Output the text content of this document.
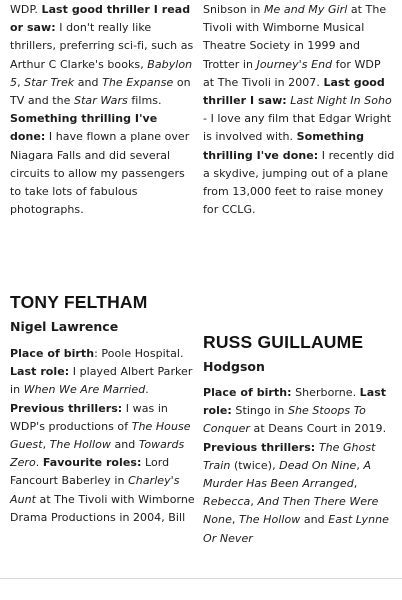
WDP. Last good thriller I read or saw: I don't really like thrillers, preferring sci-fi, such as Arthur C Clarke's books, Babylon 5, Star Trek and The Expanse on TV and the Star Wars films. Something thrilling I've done: I have flown a plane over Niagara Falls and did several circuits to allow my passengers to take lots of fabulous photographs.

TONY FELTHAM
Nigel Lawrence

Place of birth: Poole Hospital. Last role: I played Albert Parker in When We Are Married. Previous thrillers: I was in WDP's productions of The House Guest, The Hollow and Towards Zero. Favourite roles: Lord Fancourt Baberley in Charley's Aunt at The Tivoli with Wimborne Drama Productions in 2004, Bill

Snibson in Me and My Girl at The Tivoli with Wimborne Musical Theatre Society in 1999 and Trotter in Journey's End for WDP at The Tivoli in 2007. Last good thriller I saw: Last Night In Soho - I love any film that Edgar Wright is involved with. Something thrilling I've done: I recently did a skydive, jumping out of a plane from 13,000 feet to raise money for CCLG.

RUSS GUILLAUME
Hodgson

Place of birth: Sherborne. Last role: Stingo in She Stoops To Conquer at Deans Court in 2019. Previous thrillers: The Ghost Train (twice), Dead On Nine, A Murder Has Been Arranged, Rebecca, And Then There Were None, The Hollow and East Lynne Or Never
